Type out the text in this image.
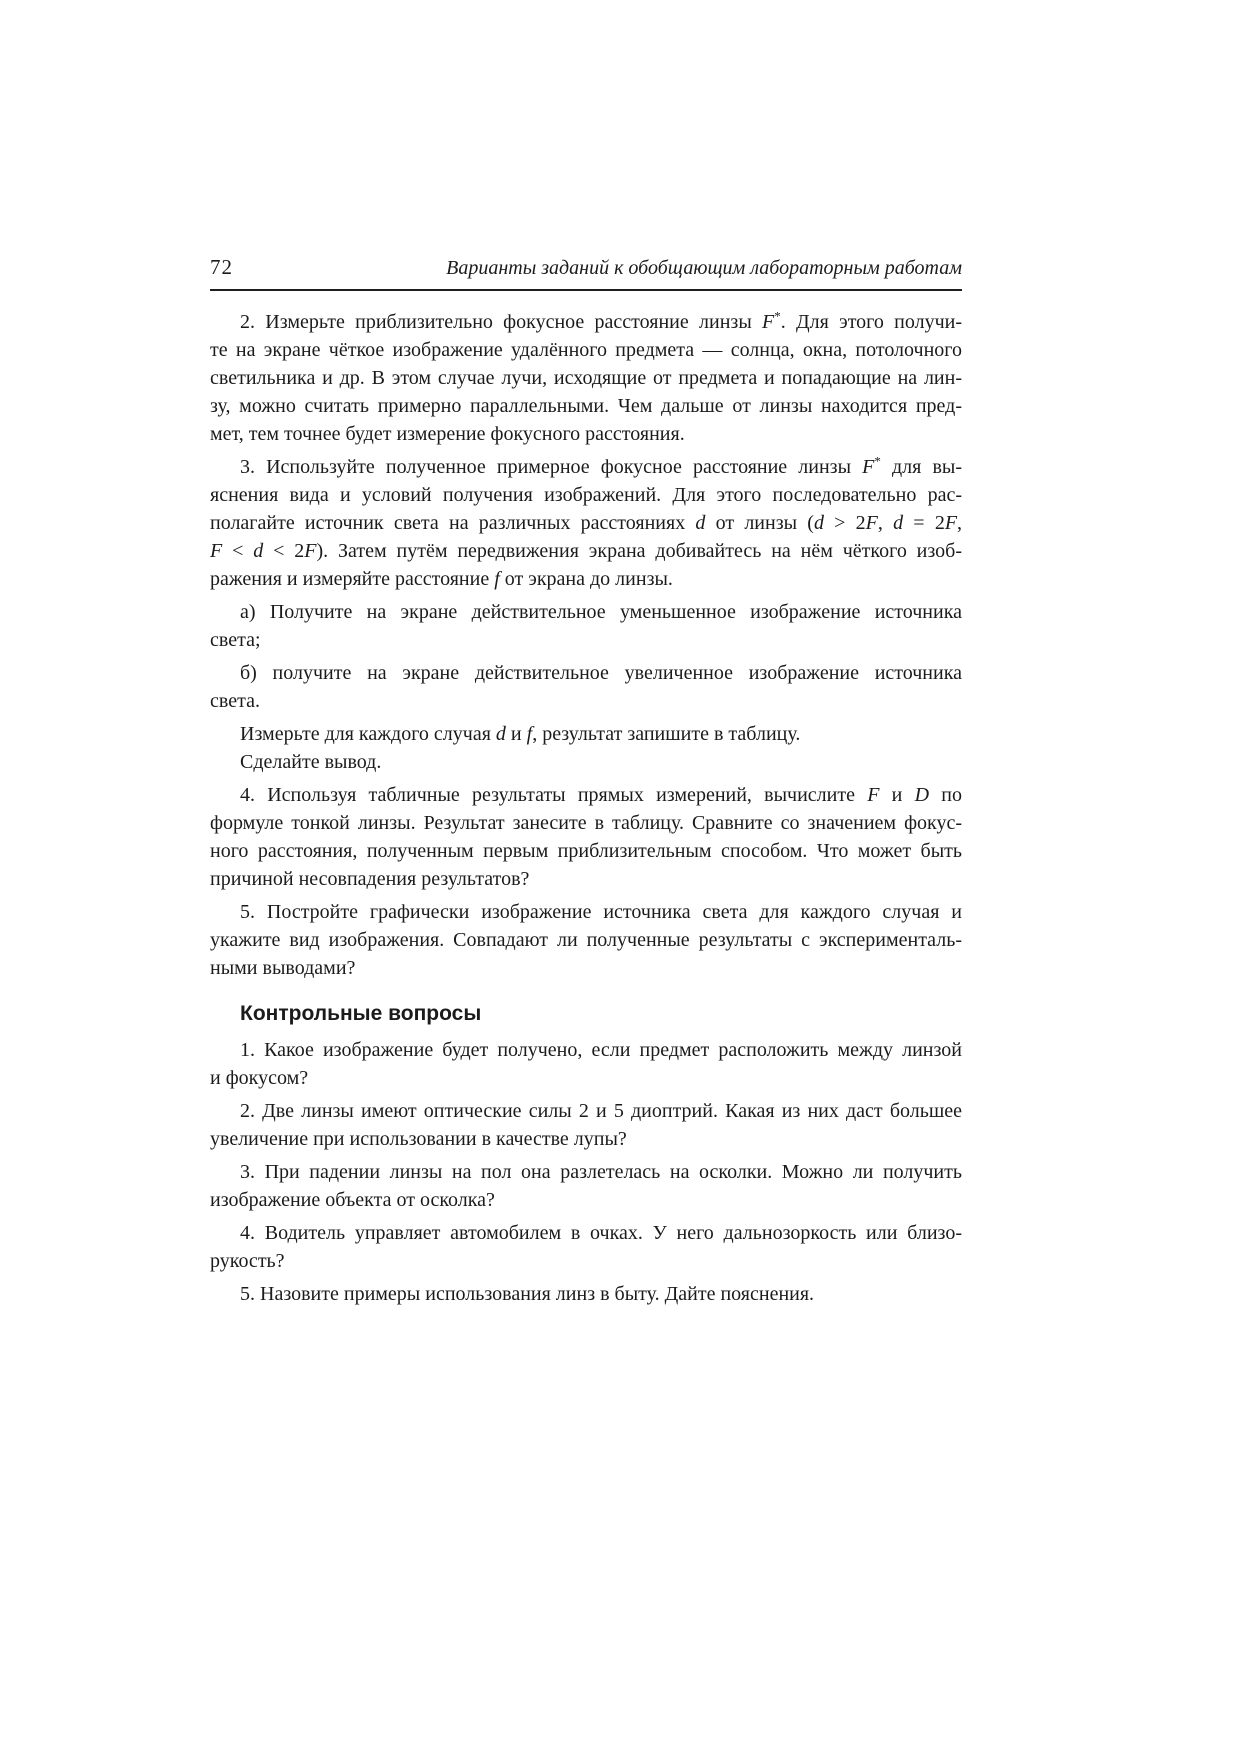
72	Варианты заданий к обобщающим лабораторным работам
2. Измерьте приблизительно фокусное расстояние линзы F*. Для этого получи-
те на экране чёткое изображение удалённого предмета — солнца, окна, потолочного
светильника и др. В этом случае лучи, исходящие от предмета и попадающие на лин-
зу, можно считать примерно параллельными. Чем дальше от линзы находится пред-
мет, тем точнее будет измерение фокусного расстояния.
3. Используйте полученное примерное фокусное расстояние линзы F* для вы-
яснения вида и условий получения изображений. Для этого последовательно рас-
полагайте источник света на различных расстояниях d от линзы (d > 2F, d = 2F,
F < d < 2F). Затем путём передвижения экрана добивайтесь на нём чёткого изоб-
ражения и измеряйте расстояние f от экрана до линзы.
а) Получите на экране действительное уменьшенное изображение источника
света;
б) получите на экране действительное увеличенное изображение источника
света.
Измерьте для каждого случая d и f, результат запишите в таблицу.
Сделайте вывод.
4. Используя табличные результаты прямых измерений, вычислите F и D по
формуле тонкой линзы. Результат занесите в таблицу. Сравните со значением фокус-
ного расстояния, полученным первым приблизительным способом. Что может быть
причиной несовпадения результатов?
5. Постройте графически изображение источника света для каждого случая и
укажите вид изображения. Совпадают ли полученные результаты с эксперименталь-
ными выводами?
Контрольные вопросы
1. Какое изображение будет получено, если предмет расположить между линзой
и фокусом?
2. Две линзы имеют оптические силы 2 и 5 диоптрий. Какая из них даст большее
увеличение при использовании в качестве лупы?
3. При падении линзы на пол она разлетелась на осколки. Можно ли получить
изображение объекта от осколка?
4. Водитель управляет автомобилем в очках. У него дальнозоркость или близо-
рукость?
5. Назовите примеры использования линз в быту. Дайте пояснения.
